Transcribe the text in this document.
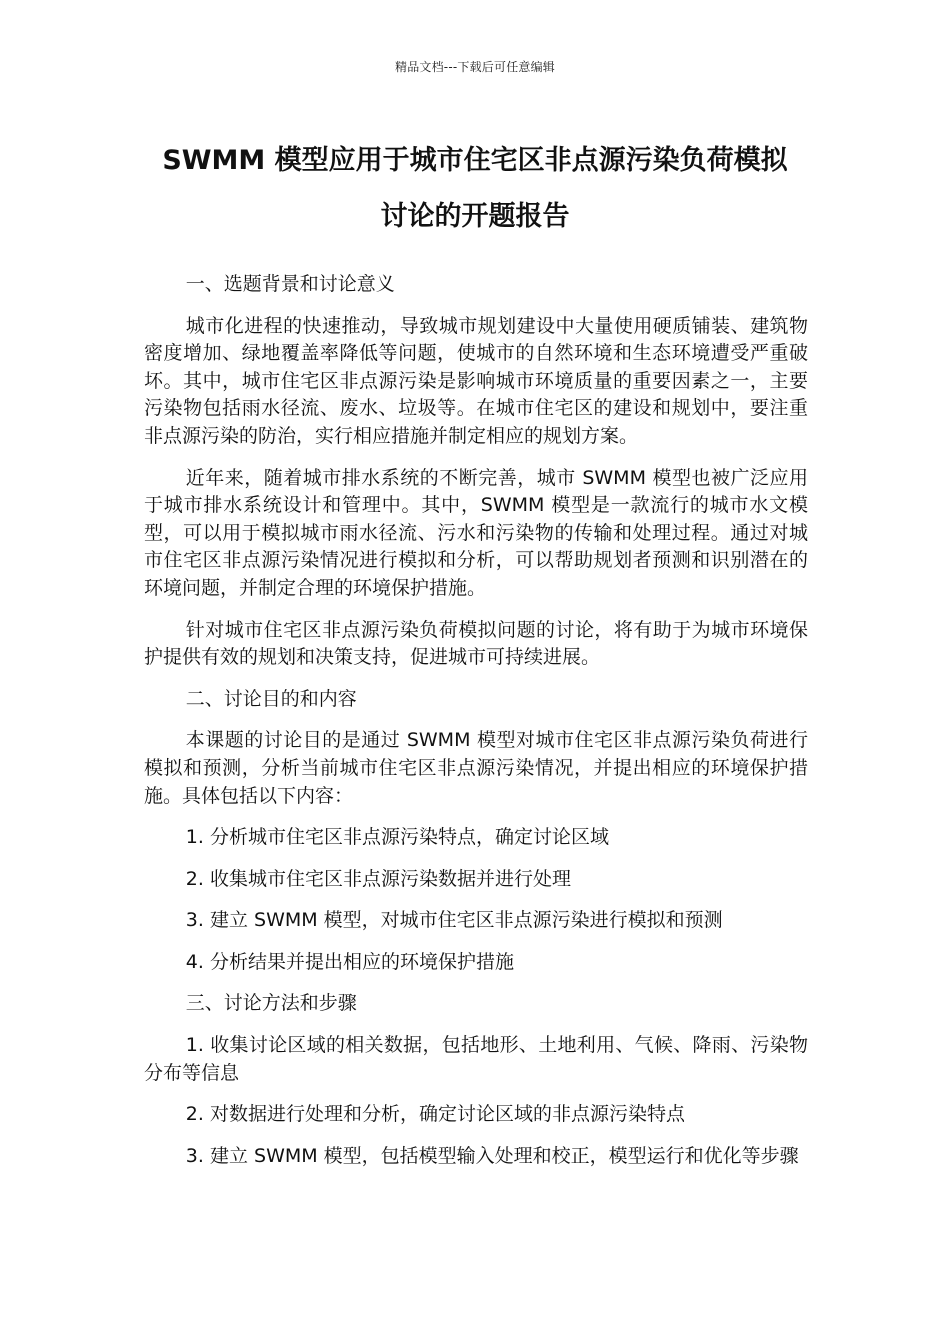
精品文档---下载后可任意编辑
SWMM 模型应用于城市住宅区非点源污染负荷模拟
讨论的开题报告

一、选题背景和讨论意义

城市化进程的快速推动，导致城市规划建设中大量使用硬质铺装、建筑物密度增加、绿地覆盖率降低等问题，使城市的自然环境和生态环境遭受严重破坏。其中，城市住宅区非点源污染是影响城市环境质量的重要因素之一，主要污染物包括雨水径流、废水、垃圾等。在城市住宅区的建设和规划中，要注重非点源污染的防治，实行相应措施并制定相应的规划方案。

近年来，随着城市排水系统的不断完善，城市 SWMM 模型也被广泛应用于城市排水系统设计和管理中。其中，SWMM 模型是一款流行的城市水文模型，可以用于模拟城市雨水径流、污水和污染物的传输和处理过程。通过对城市住宅区非点源污染情况进行模拟和分析，可以帮助规划者预测和识别潜在的环境问题，并制定合理的环境保护措施。

针对城市住宅区非点源污染负荷模拟问题的讨论，将有助于为城市环境保护提供有效的规划和决策支持，促进城市可持续进展。

二、讨论目的和内容

本课题的讨论目的是通过 SWMM 模型对城市住宅区非点源污染负荷进行模拟和预测，分析当前城市住宅区非点源污染情况，并提出相应的环境保护措施。具体包括以下内容：

1. 分析城市住宅区非点源污染特点，确定讨论区域

2. 收集城市住宅区非点源污染数据并进行处理

3. 建立 SWMM 模型，对城市住宅区非点源污染进行模拟和预测

4. 分析结果并提出相应的环境保护措施

三、讨论方法和步骤

1. 收集讨论区域的相关数据，包括地形、土地利用、气候、降雨、污染物分布等信息

2. 对数据进行处理和分析，确定讨论区域的非点源污染特点

3. 建立 SWMM 模型，包括模型输入处理和校正，模型运行和优化等步骤
